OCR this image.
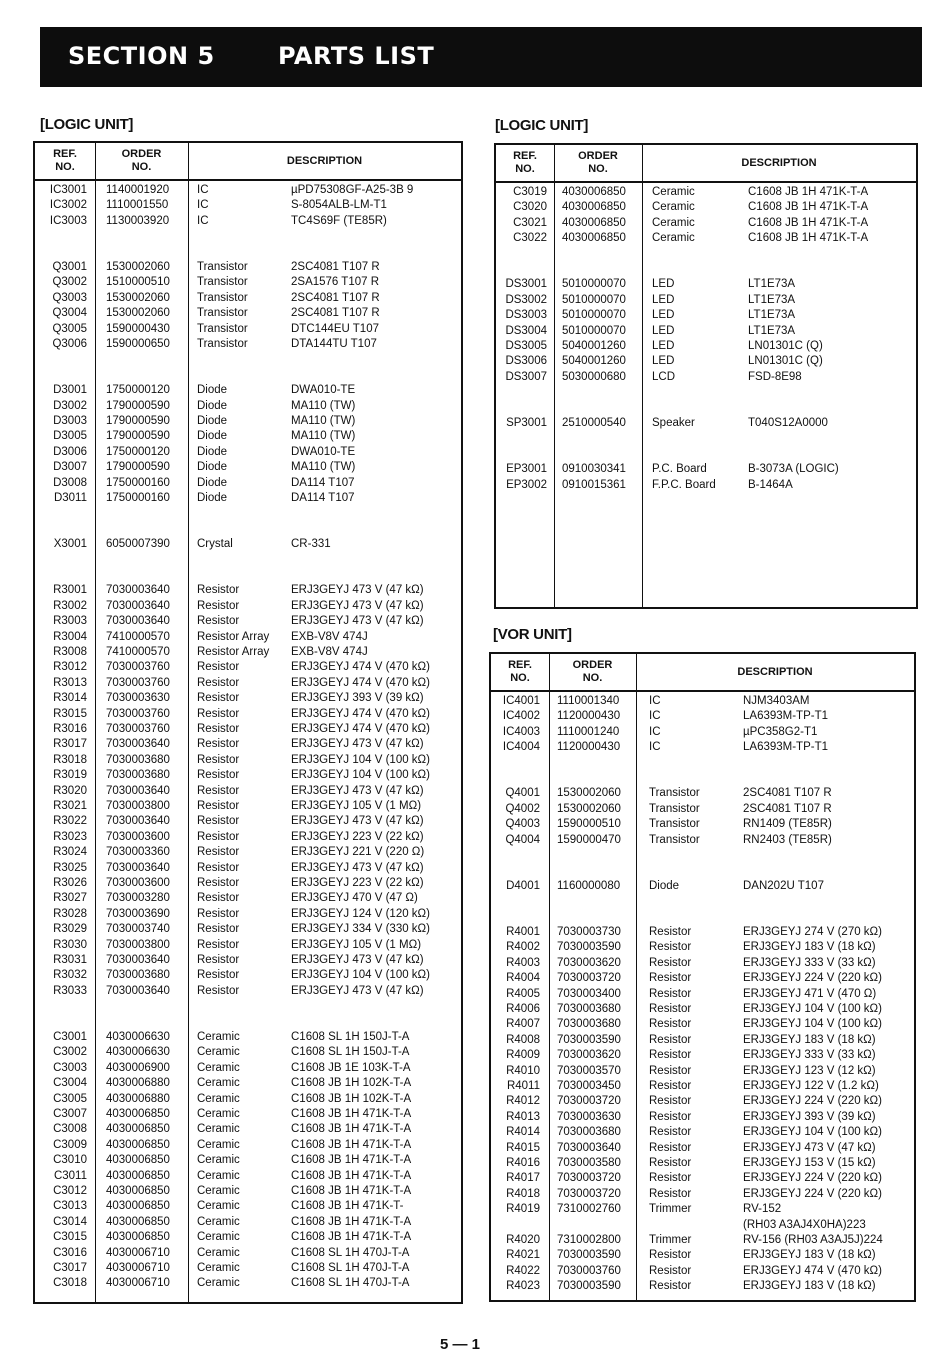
SECTION 5	PARTS LIST
[LOGIC UNIT]
REF.
NO.
ORDER
NO.
DESCRIPTION
IC3001 1140001920 IC	µPD75308GF-A25-3B 9
IC3002 1110001550 IC	S-8054ALB-LM-T1
IC3003 1130003920 IC	TC4S69F (TE85R)
Q3001 1530002060 Transistor	2SC4081 T107 R
Q3002 1510000510 Transistor	2SA1576 T107 R
Q3003 1530002060 Transistor	2SC4081 T107 R
Q3004 1530002060 Transistor	2SC4081 T107 R
Q3005 1590000430 Transistor	DTC144EU T107
Q3006 1590000650 Transistor	DTA144TU T107
D3001 1750000120 Diode	DWA010-TE
D3002 1790000590 Diode	MA110 (TW)
D3003 1790000590 Diode	MA110 (TW)
D3005 1790000590 Diode	MA110 (TW)
D3006 1750000120 Diode	DWA010-TE
D3007 1790000590 Diode	MA110 (TW)
D3008 1750000160 Diode	DA114 T107
D3011 1750000160 Diode	DA114 T107
X3001 6050007390 Crystal	CR-331
R3001 7030003640 Resistor	ERJ3GEYJ 473 V (47 kΩ)
R3002 7030003640 Resistor	ERJ3GEYJ 473 V (47 kΩ)
R3003 7030003640 Resistor	ERJ3GEYJ 473 V (47 kΩ)
R3004 7410000570 Resistor Array EXB-V8V 474J
R3008 7410000570 Resistor Array EXB-V8V 474J
R3012 7030003760 Resistor	ERJ3GEYJ 474 V (470 kΩ)
R3013 7030003760 Resistor	ERJ3GEYJ 474 V (470 kΩ)
R3014 7030003630 Resistor	ERJ3GEYJ 393 V (39 kΩ)
R3015 7030003760 Resistor	ERJ3GEYJ 474 V (470 kΩ)
R3016 7030003760 Resistor	ERJ3GEYJ 474 V (470 kΩ)
R3017 7030003640 Resistor	ERJ3GEYJ 473 V (47 kΩ)
R3018 7030003680 Resistor	ERJ3GEYJ 104 V (100 kΩ)
R3019 7030003680 Resistor	ERJ3GEYJ 104 V (100 kΩ)
R3020 7030003640 Resistor	ERJ3GEYJ 473 V (47 kΩ)
R3021 7030003800 Resistor	ERJ3GEYJ 105 V (1 MΩ)
R3022 7030003640 Resistor	ERJ3GEYJ 473 V (47 kΩ)
R3023 7030003600 Resistor	ERJ3GEYJ 223 V (22 kΩ)
R3024 7030003360 Resistor	ERJ3GEYJ 221 V (220 Ω)
R3025 7030003640 Resistor	ERJ3GEYJ 473 V (47 kΩ)
R3026 7030003600 Resistor	ERJ3GEYJ 223 V (22 kΩ)
R3027 7030003280 Resistor	ERJ3GEYJ 470 V (47 Ω)
R3028 7030003690 Resistor	ERJ3GEYJ 124 V (120 kΩ)
R3029 7030003740 Resistor	ERJ3GEYJ 334 V (330 kΩ)
R3030 7030003800 Resistor	ERJ3GEYJ 105 V (1 MΩ)
R3031 7030003640 Resistor	ERJ3GEYJ 473 V (47 kΩ)
R3032 7030003680 Resistor	ERJ3GEYJ 104 V (100 kΩ)
R3033 7030003640 Resistor	ERJ3GEYJ 473 V (47 kΩ)
C3001 4030006630 Ceramic	C1608 SL 1H 150J-T-A
C3002 4030006630 Ceramic	C1608 SL 1H 150J-T-A
C3003 4030006900 Ceramic	C1608 JB 1E 103K-T-A
C3004 4030006880 Ceramic	C1608 JB 1H 102K-T-A
C3005 4030006880 Ceramic	C1608 JB 1H 102K-T-A
C3007 4030006850 Ceramic	C1608 JB 1H 471K-T-A
C3008 4030006850 Ceramic	C1608 JB 1H 471K-T-A
C3009 4030006850 Ceramic	C1608 JB 1H 471K-T-A
C3010 4030006850 Ceramic	C1608 JB 1H 471K-T-A
C3011 4030006850 Ceramic	C1608 JB 1H 471K-T-A
C3012 4030006850 Ceramic	C1608 JB 1H 471K-T-A
C3013 4030006850 Ceramic	C1608 JB 1H 471K-T-
C3014 4030006850 Ceramic	C1608 JB 1H 471K-T-A
C3015 4030006850 Ceramic	C1608 JB 1H 471K-T-A
C3016 4030006710 Ceramic	C1608 SL 1H 470J-T-A
C3017 4030006710 Ceramic	C1608 SL 1H 470J-T-A
C3018 4030006710 Ceramic	C1608 SL 1H 470J-T-A
[LOGIC UNIT]
REF.
NO.
ORDER
NO.
DESCRIPTION
C3019 4030006850 Ceramic	C1608 JB 1H 471K-T-A
C3020 4030006850 Ceramic	C1608 JB 1H 471K-T-A
C3021 4030006850 Ceramic	C1608 JB 1H 471K-T-A
C3022 4030006850 Ceramic	C1608 JB 1H 471K-T-A
DS3001 5010000070 LED	LT1E73A
DS3002 5010000070 LED	LT1E73A
DS3003 5010000070 LED	LT1E73A
DS3004 5010000070 LED	LT1E73A
DS3005 5040001260 LED	LN01301C (Q)
DS3006 5040001260 LED	LN01301C (Q)
DS3007 5030000680 LCD	FSD-8E98
SP3001 2510000540 Speaker	T040S12A0000
EP3001 0910030341 P.C. Board	B-3073A (LOGIC)
EP3002 0910015361 F.P.C. Board	B-1464A
[VOR UNIT]
REF.
NO.
ORDER
NO.
DESCRIPTION
IC4001 1110001340	IC	NJM3403AM
IC4002 1120000430	IC	LA6393M-TP-T1
IC4003 1110001240	IC	µPC358G2-T1
IC4004 1120000430	IC	LA6393M-TP-T1
Q4001 1530002060 Transistor	2SC4081 T107 R
Q4002 1530002060 Transistor	2SC4081 T107 R
Q4003 1590000510 Transistor	RN1409 (TE85R)
Q4004 1590000470 Transistor	RN2403 (TE85R)
D4001 1160000080	Diode	DAN202U T107
R4001 7030003730 Resistor	ERJ3GEYJ 274 V (270 kΩ)
R4002 7030003590 Resistor	ERJ3GEYJ 183 V (18 kΩ)
R4003 7030003620 Resistor	ERJ3GEYJ 333 V (33 kΩ)
R4004 7030003720 Resistor	ERJ3GEYJ 224 V (220 kΩ)
R4005 7030003400 Resistor	ERJ3GEYJ 471 V (470 Ω)
R4006 7030003680 Resistor	ERJ3GEYJ 104 V (100 kΩ)
R4007 7030003680 Resistor	ERJ3GEYJ 104 V (100 kΩ)
R4008 7030003590 Resistor	ERJ3GEYJ 183 V (18 kΩ)
R4009 7030003620 Resistor	ERJ3GEYJ 333 V (33 kΩ)
R4010 7030003570 Resistor	ERJ3GEYJ 123 V (12 kΩ)
R4011 7030003450 Resistor	ERJ3GEYJ 122 V (1.2 kΩ)
R4012 7030003720 Resistor	ERJ3GEYJ 224 V (220 kΩ)
R4013 7030003630 Resistor	ERJ3GEYJ 393 V (39 kΩ)
R4014 7030003680 Resistor	ERJ3GEYJ 104 V (100 kΩ)
R4015 7030003640 Resistor	ERJ3GEYJ 473 V (47 kΩ)
R4016 7030003580 Resistor	ERJ3GEYJ 153 V (15 kΩ)
R4017 7030003720 Resistor	ERJ3GEYJ 224 V (220 kΩ)
R4018 7030003720 Resistor	ERJ3GEYJ 224 V (220 kΩ)
R4019 7310002760 Trimmer	RV-152
(RH03 A3AJ4X0HA)223
R4020 7310002800 Trimmer	RV-156 (RH03 A3AJ5J)224
R4021 7030003590 Resistor	ERJ3GEYJ 183 V (18 kΩ)
R4022 7030003760 Resistor	ERJ3GEYJ 474 V (470 kΩ)
R4023 7030003590 Resistor	ERJ3GEYJ 183 V (18 kΩ)
5 — 1
